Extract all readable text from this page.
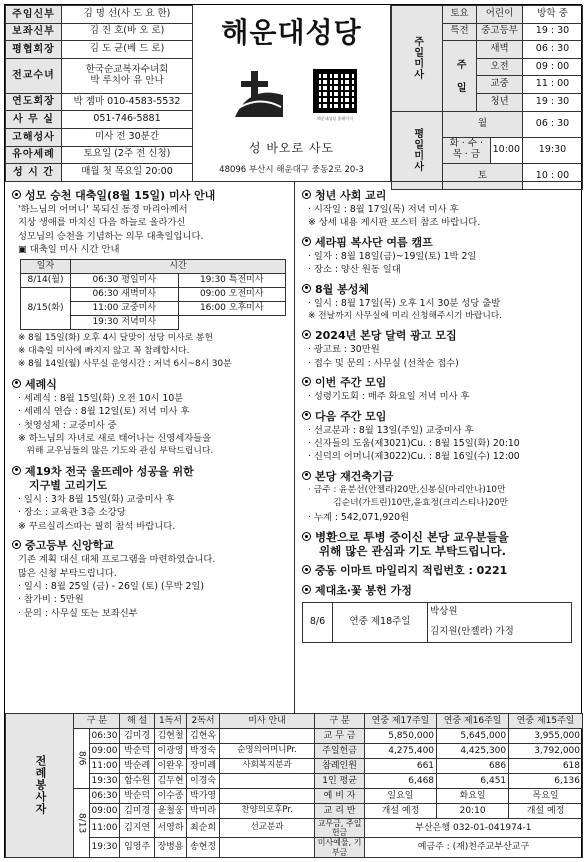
주임신부	김 명 선(사 도 요 한)
보좌신부	김 진 호(바 오 로)
평협회장	김 도 균(베 드 로)
전교수녀	한국순교복자수녀회
박 루치아 유 안나

연도회장	박 젬마 010-4583-5532
사 무 실	051-746-5881
고해성사	미사 전 30분간
유아세례	토요일 (2주 전 신청)
성 시 간	매월 첫 목요일 20:00
해운대성당
해운대성당 홈페이지
성 바오로 사도
48096 부산시 해운대구 중동2로 20-3
주일미사	토요	어린이		방학 중
	특전	중고등부		19 : 30
	주 일	새벽		06 : 30
		오전		09 : 00
		교중		11 : 00
		청년		19 : 30
평일미사	월			06 : 30
	화 · 수 · 목 · 금		10:00	19:30
	토			10 : 00
성모 승천 대축일(8월 15일) 미사 안내
'하느님의 어머니' 복되신 동정 마리아께서
지상 생애를 마치신 다음 하늘로 올라가신
성모님의 승천을 기념하는 의무 대축일입니다.
▣ 대축일 미사 시간 안내
일자	시간	
8/14(월)	06:30 평일미사	19:30 특전미사
8/15(화)	06:30 새벽미사	09:00 오전미사
	11:00 교중미사	16:00 오후미사
	19:30 저녁미사	
※ 8월 15일(화) 오후 4시 달맞이 성당 미사로 봉헌
※ 대축일 미사에 빠지지 않고 꼭 참례합시다.
※ 8월 14일(월) 사무실 운영시간 : 저녁 6시~8시 30분
세례식
· 세례식 : 8월 15일(화) 오전 10시 10분
· 세례식 연습 : 8월 12일(토) 저녁 미사 후
· 첫영성체 : 교중미사 중
※ 하느님의 자녀로 새로 태어나는 신영세자들을
위해 교우님들의 많은 기도와 관심 부탁드립니다.
제19차 전국 울뜨레아 성공을 위한
지구별 고리기도
· 일시 : 3차 8월 15일(화) 교중미사 후
· 장소 : 교육관 3층 소강당
※ 꾸르실리스따는 필히 참석 바랍니다.
중고등부 신앙학교
기존 계획 대신 대체 프로그램을 마련하였습니다.
많은 신청 부탁드립니다.
· 일시 : 8월 25일 (금) - 26일 (토) (무박 2일)
· 참가비 : 5만원
· 문의 : 사무실 또는 보좌신부
청년 사회 교리
· 시작일 : 8월 17일(목) 저녁 미사 후
※ 상세 내용 게시판 포스터 참조 바랍니다.
세라핌 복사단 여름 캠프
· 일자 : 8월 18일(금)~19일(토) 1박 2일
· 장소 : 양산 원동 일대
8월 봉성체
· 일시 : 8월 17일(목) 오후 1시 30분 성당 출발
※ 전날까지 사무실에 미리 신청해주시기 바랍니다.
2024년 본당 달력 광고 모집
· 광고료 : 30만원
· 접수 및 문의 : 사무실 (선착순 접수)
이번 주간 모임
· 성령기도회 : 매주 화요일 저녁 미사 후
다음 주간 모임
· 선교분과 : 8월 13일(주일) 교중미사 후
· 신자들의 도움(제3021)Cu. : 8월 15일(화) 20:10
· 신덕의 어머니(제3022)Cu. : 8월 16일(수) 12:00
본당 재건축기금
· 금주 : 윤분선(안젤라)20만,신봉실(마리안나)10만
김순녀(가트린)10만,윤효정(크리스티나)20만
· 누계 : 542,071,920원
병환으로 투병 중이신 본당 교우분들을
위해 많은 관심과 기도 부탁드립니다.
중동 이마트 마일리지 적립번호 : 0221
제대초·꽃 봉헌 가정
8/6	연중 제18주일	박상원
김지원(안젤라) 가정
전례봉사자	구 분		해 설	1독서	2독서	미사 안내	구 분	연중 제17주일	연중 제16주일	연중 제15주일
	8/6	06:30	김미경	김현철	김현옥		교 무 금	5,850,000	5,645,000	3,955,000
		09:00	박순덕	이광영	박정숙	순명의어머니Pr.	주일헌금	4,275,400	4,425,300	3,792,000
		11:00	박순례	이완우	장미례	사회복지분과	참례인원	661	686	618
		19:30	함수원	김두현	이경숙		1인 평균	6,468	6,451	6,136
	8/13	06:30	박순덕	이수종	박가영		예 비 자	일요일	화요일	목요일
		09:00	김미경	윤철웅	박미라	찬양의모후Pr.	교 리 반	개설 예정	20:10	개설 예정
		11:00	김지연	서영하	최순희	선교분과	교무금, 주일헌금	부산은행 032-01-041974-1		
		19:30	임영주	장병용	송현정		미사예물, 기부금	예금주 : (재)천주교부산교구		
